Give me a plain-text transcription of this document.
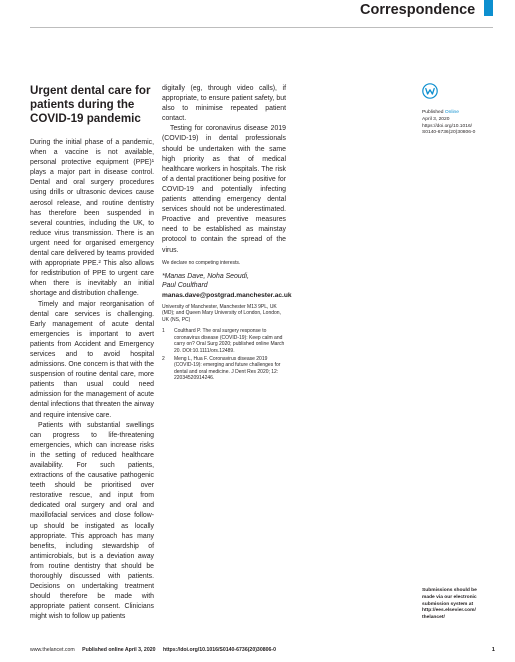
Correspondence
Urgent dental care for patients during the COVID-19 pandemic

During the initial phase of a pandemic, when a vaccine is not available, personal protective equipment (PPE)¹ plays a major part in disease control. Dental and oral surgery procedures using drills or ultrasonic devices cause aerosol release, and routine dentistry has therefore been suspended in several countries, including the UK, to reduce virus transmission. There is an urgent need for organised emergency dental care delivered by teams provided with appropriate PPE.² This also allows for redistribution of PPE to urgent care when there is inevitably an initial shortage and distribution challenge.

Timely and major reorganisation of dental care services is challenging. Early management of acute dental emergencies is important to avert patients from Accident and Emergency services and to avoid hospital admissions. One concern is that with the suspension of routine dental care, more patients than usual could need admission for the management of acute dental infections that threaten the airway and require intensive care.

Patients with substantial swellings can progress to life-threatening emergencies, which can increase risks in the setting of reduced healthcare availability. For such patients, extractions of the causative pathogenic teeth should be prioritised over restorative rescue, and input from dedicated oral surgery and oral and maxillofacial services and close follow-up should be instigated as locally appropriate. This approach has many benefits, including stewardship of antimicrobials, but is a deviation away from routine dentistry that should be thoroughly discussed with patients. Decisions on undertaking treatment should therefore be made with appropriate patient consent. Clinicians might wish to follow up patients

digitally (eg, through video calls), if appropriate, to ensure patient safety, but also to minimise repeated patient contact.

Testing for coronavirus disease 2019 (COVID-19) in dental professionals should be undertaken with the same high priority as that of medical healthcare workers in hospitals. The risk of a dental practitioner being positive for COVID-19 and potentially infecting patients attending emergency dental services should not be underestimated. Proactive and preventive measures need to be established as mainstay protocol to contain the spread of the virus.

We declare no competing interests.

*Manas Dave, Noha Seoudi,
Paul Coulthard
manas.dave@postgrad.manchester.ac.uk
University of Manchester, Manchester M13 9PL, UK (MD); and Queen Mary University of London, London, UK (NS, PC)
1	Coulthard P. The oral surgery response to coronavirus disease (COVID-19): Keep calm and carry on? Oral Surg 2020; published online March 20. DOI:10.1111/ors.12489.
2	Meng L, Hua F. Coronavirus disease 2019 (COVID-19): emerging and future challenges for dental and oral medicine. J Dent Res 2020; 12: 22034520914246.
Published Online
April 3, 2020
https://doi.org/10.1016/
S0140-6736(20)30806-0
Submissions should be
made via our electronic
submission system at
http://ees.elsevier.com/
thelancet/
www.thelancet.com Published online April 3, 2020 https://doi.org/10.1016/S0140-6736(20)30806-0	1
